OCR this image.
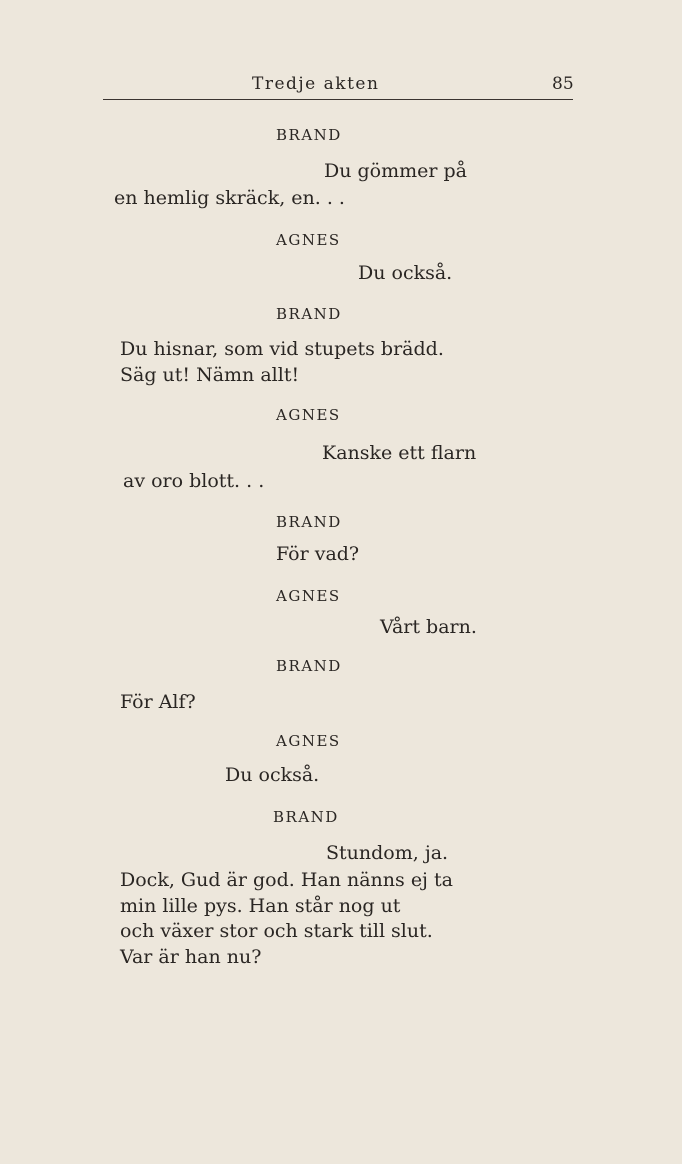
Tredje akten	85
BRAND
Du gömmer på
en hemlig skräck, en. . .
AGNES
Du också.
BRAND
Du hisnar, som vid stupets brädd.
Säg ut! Nämn allt!
AGNES
Kanske ett flarn
av oro blott. . .
BRAND
För vad?
AGNES
Vårt barn.
BRAND
För Alf?
AGNES
Du också.
BRAND
Stundom, ja.
Dock, Gud är god. Han nänns ej ta
min lille pys. Han står nog ut
och växer stor och stark till slut.
Var är han nu?
